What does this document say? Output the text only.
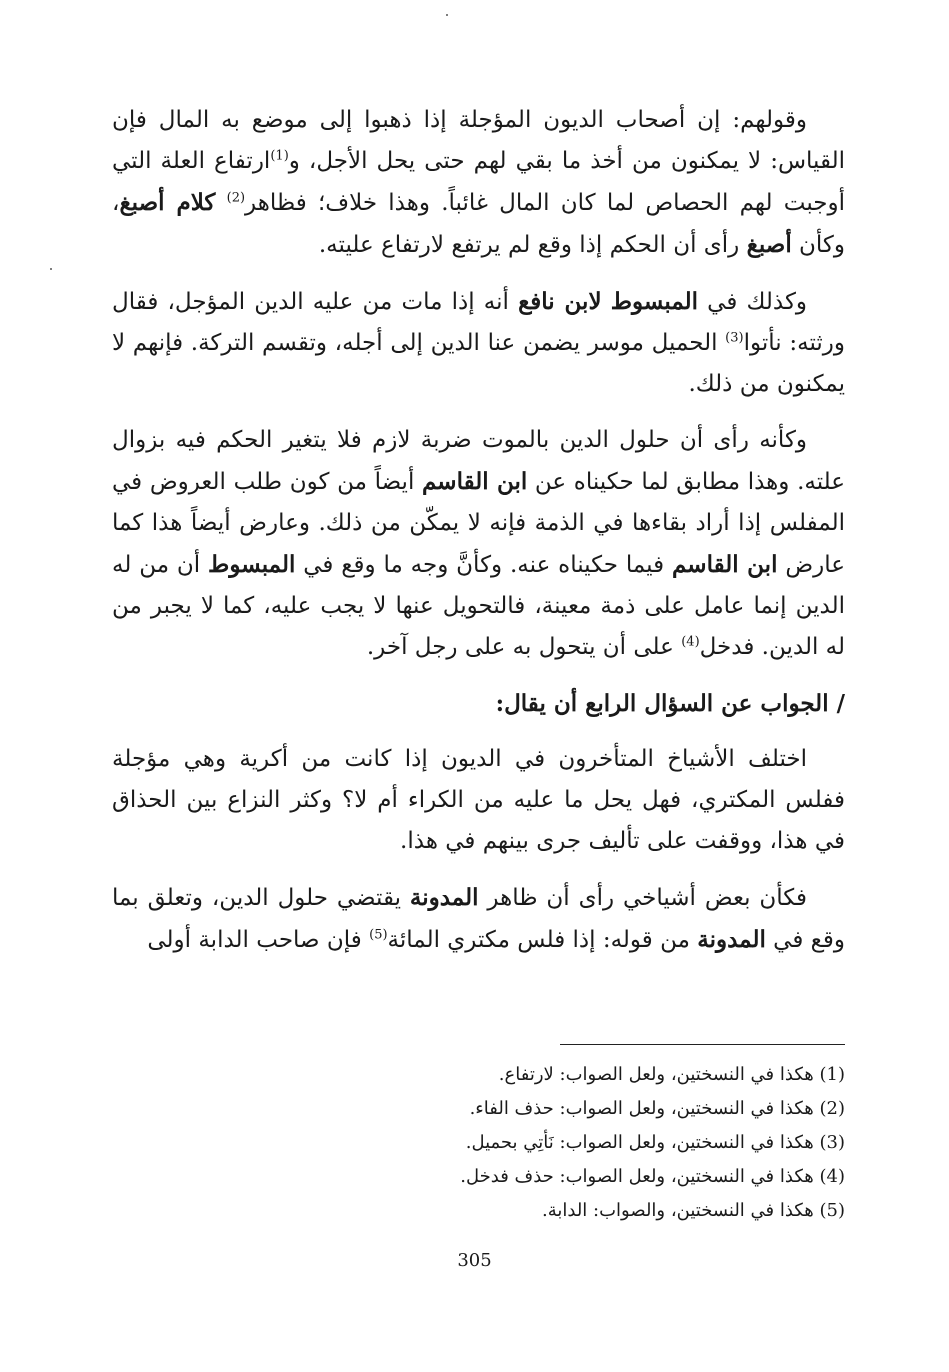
وقولهم: إن أصحاب الديون المؤجلة إذا ذهبوا إلى موضع به المال فإن القياس: لا يمكنون من أخذ ما بقي لهم حتى يحل الأجل، و$^{(1)}$ارتفاع العلة التي أوجبت لهم الحصاص لما كان المال غائباً. وهذا خلاف؛ فظاهر$^{(2)}$ كلام أصبغ، وكأن أصبغ رأى أن الحكم إذا وقع لم يرتفع لارتفاع عليته.

وكذلك في المبسوط لابن نافع أنه إذا مات من عليه الدين المؤجل، فقال ورثته: نأتوا$^{(3)}$ الحميل موسر يضمن عنا الدين إلى أجله، وتقسم التركة. فإنهم لا يمكنون من ذلك.

وكأنه رأى أن حلول الدين بالموت ضربة لازم فلا يتغير الحكم فيه بزوال علته. وهذا مطابق لما حكيناه عن ابن القاسم أيضاً من كون طلب العروض في المفلس إذا أراد بقاءها في الذمة فإنه لا يمكّن من ذلك. وعارض أيضاً هذا كما عارض ابن القاسم فيما حكيناه عنه. وكأنَّ وجه ما وقع في المبسوط أن من له الدين إنما عامل على ذمة معينة، فالتحويل عنها لا يجب عليه، كما لا يجبر من له الدين. فدخل$^{(4)}$ على أن يتحول به على رجل آخر.

/ الجواب عن السؤال الرابع أن يقال:

اختلف الأشياخ المتأخرون في الديون إذا كانت من أكرية وهي مؤجلة ففلس المكتري، فهل يحل ما عليه من الكراء أم لا؟ وكثر النزاع بين الحذاق في هذا، ووقفت على تأليف جرى بينهم في هذا.

فكأن بعض أشياخي رأى أن ظاهر المدونة يقتضي حلول الدين، وتعلق بما وقع في المدونة من قوله: إذا فلس مكتري المائة$^{(5)}$ فإن صاحب الدابة أولى

(1) هكذا في النسختين، ولعل الصواب: لارتفاع.

(2) هكذا في النسختين، ولعل الصواب: حذف الفاء.

(3) هكذا في النسختين، ولعل الصواب: نَأتِي بحميل.

(4) هكذا في النسختين، ولعل الصواب: حذف فدخل.

(5) هكذا في النسختين، والصواب: الدابة.

305
